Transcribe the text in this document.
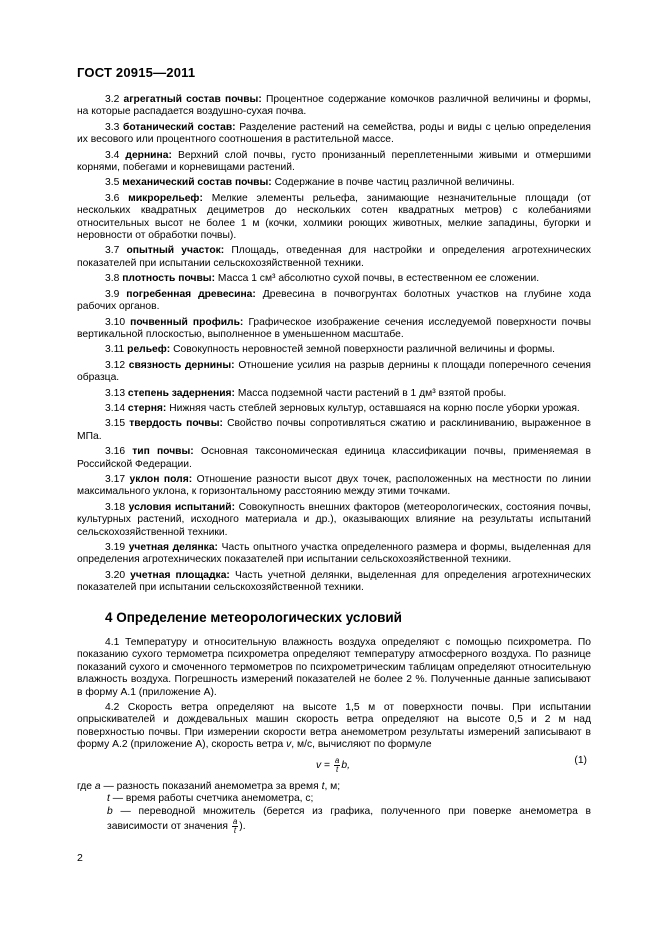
ГОСТ 20915—2011

3.2 агрегатный состав почвы: Процентное содержание комочков различной величины и формы, на которые распадается воздушно-сухая почва.

3.3 ботанический состав: Разделение растений на семейства, роды и виды с целью определения их весового или процентного соотношения в растительной массе.

3.4 дернина: Верхний слой почвы, густо пронизанный переплетенными живыми и отмершими корнями, побегами и корневищами растений.

3.5 механический состав почвы: Содержание в почве частиц различной величины.

3.6 микрорельеф: Мелкие элементы рельефа, занимающие незначительные площади (от нескольких квадратных дециметров до нескольких сотен квадратных метров) с колебаниями относительных высот не более 1 м (кочки, холмики роющих животных, мелкие западины, бугорки и неровности от обработки почвы).

3.7 опытный участок: Площадь, отведенная для настройки и определения агротехнических показателей при испытании сельскохозяйственной техники.

3.8 плотность почвы: Масса 1 см³ абсолютно сухой почвы, в естественном ее сложении.

3.9 погребенная древесина: Древесина в почвогрунтах болотных участков на глубине хода рабочих органов.

3.10 почвенный профиль: Графическое изображение сечения исследуемой поверхности почвы вертикальной плоскостью, выполненное в уменьшенном масштабе.

3.11 рельеф: Совокупность неровностей земной поверхности различной величины и формы.

3.12 связность дернины: Отношение усилия на разрыв дернины к площади поперечного сечения образца.

3.13 степень задернения: Масса подземной части растений в 1 дм³ взятой пробы.

3.14 стерня: Нижняя часть стеблей зерновых культур, оставшаяся на корню после уборки урожая.

3.15 твердость почвы: Свойство почвы сопротивляться сжатию и расклиниванию, выраженное в МПа.

3.16 тип почвы: Основная таксономическая единица классификации почвы, применяемая в Российской Федерации.

3.17 уклон поля: Отношение разности высот двух точек, расположенных на местности по линии максимального уклона, к горизонтальному расстоянию между этими точками.

3.18 условия испытаний: Совокупность внешних факторов (метеорологических, состояния почвы, культурных растений, исходного материала и др.), оказывающих влияние на результаты испытаний сельскохозяйственной техники.

3.19 учетная делянка: Часть опытного участка определенного размера и формы, выделенная для определения агротехнических показателей при испытании сельскохозяйственной техники.

3.20 учетная площадка: Часть учетной делянки, выделенная для определения агротехнических показателей при испытании сельскохозяйственной техники.

4 Определение метеорологических условий

4.1 Температуру и относительную влажность воздуха определяют с помощью психрометра. По показанию сухого термометра психрометра определяют температуру атмосферного воздуха. По разнице показаний сухого и смоченного термометров по психрометрическим таблицам определяют относительную влажность воздуха. Погрешность измерений показателей не более 2 %. Полученные данные записывают в форму А.1 (приложение А).

4.2 Скорость ветра определяют на высоте 1,5 м от поверхности почвы. При испытании опрыскивателей и дождевальных машин скорость ветра определяют на высоте 0,5 и 2 м над поверхностью почвы. При измерении скорости ветра анемометром результаты измерений записывают в форму А.2 (приложение А), скорость ветра v, м/с, вычисляют по формуле

$v = \frac{a}{t} b$,	(1)
где a — разность показаний анемометра за время t, м;
t — время работы счетчика анемометра, с;
b — переводной множитель (берется из графика, полученного при поверке анемометра в зависимости от значения $\frac{a}{t}$ ).
2
